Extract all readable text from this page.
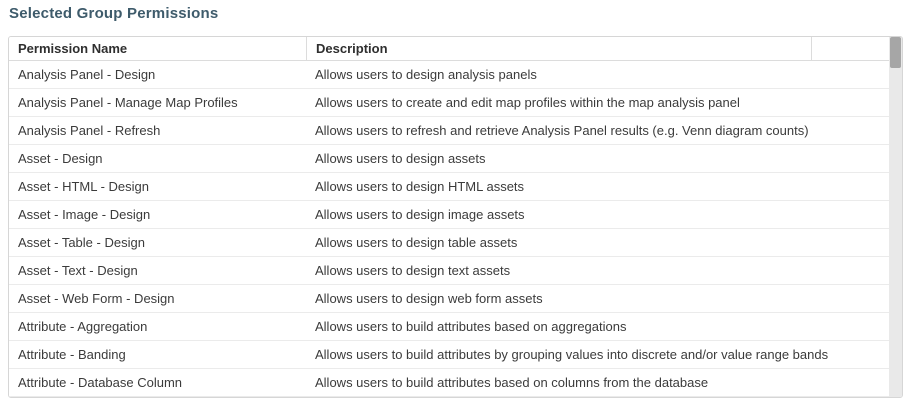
Selected Group Permissions
Permission Name	Description
Analysis Panel - Design	Allows users to design analysis panels
Analysis Panel - Manage Map Profiles	Allows users to create and edit map profiles within the map analysis panel
Analysis Panel - Refresh	Allows users to refresh and retrieve Analysis Panel results (e.g. Venn diagram counts)
Asset - Design	Allows users to design assets
Asset - HTML - Design	Allows users to design HTML assets
Asset - Image - Design	Allows users to design image assets
Asset - Table - Design	Allows users to design table assets
Asset - Text - Design	Allows users to design text assets
Asset - Web Form - Design	Allows users to design web form assets
Attribute - Aggregation	Allows users to build attributes based on aggregations
Attribute - Banding	Allows users to build attributes by grouping values into discrete and/or value range bands
Attribute - Database Column	Allows users to build attributes based on columns from the database
